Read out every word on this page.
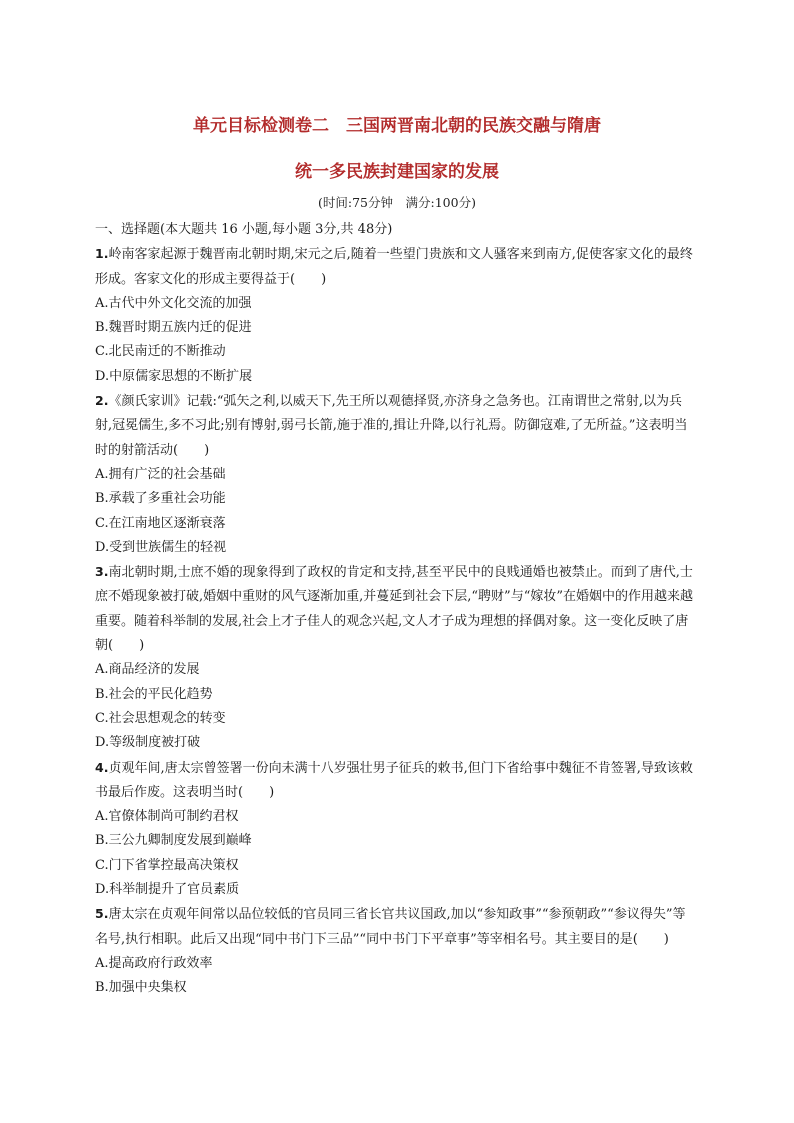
单元目标检测卷二　三国两晋南北朝的民族交融与隋唐
统一多民族封建国家的发展
(时间:75分钟　满分:100分)

一、选择题(本大题共 16 小题,每小题 3分,共 48分)

1.岭南客家起源于魏晋南北朝时期,宋元之后,随着一些望门贵族和文人骚客来到南方,促使客家文化的最终形成。客家文化的形成主要得益于(　　)

A.古代中外文化交流的加强

B.魏晋时期五族内迁的促进

C.北民南迁的不断推动

D.中原儒家思想的不断扩展

2.《颜氏家训》记载:“弧矢之利,以威天下,先王所以观德择贤,亦济身之急务也。江南谓世之常射,以为兵射,冠冕儒生,多不习此;别有博射,弱弓长箭,施于准的,揖让升降,以行礼焉。防御寇难,了无所益。”这表明当时的射箭活动(　　)

A.拥有广泛的社会基础

B.承载了多重社会功能

C.在江南地区逐渐衰落

D.受到世族儒生的轻视

3.南北朝时期,士庶不婚的现象得到了政权的肯定和支持,甚至平民中的良贱通婚也被禁止。而到了唐代,士庶不婚现象被打破,婚姻中重财的风气逐渐加重,并蔓延到社会下层,“聘财”与“嫁妆”在婚姻中的作用越来越重要。随着科举制的发展,社会上才子佳人的观念兴起,文人才子成为理想的择偶对象。这一变化反映了唐朝(　　)

A.商品经济的发展

B.社会的平民化趋势

C.社会思想观念的转变

D.等级制度被打破

4.贞观年间,唐太宗曾签署一份向未满十八岁强壮男子征兵的敕书,但门下省给事中魏征不肯签署,导致该敕书最后作废。这表明当时(　　)

A.官僚体制尚可制约君权

B.三公九卿制度发展到巅峰

C.门下省掌控最高决策权

D.科举制提升了官员素质

5.唐太宗在贞观年间常以品位较低的官员同三省长官共议国政,加以“参知政事”“参预朝政”“参议得失”等名号,执行相职。此后又出现“同中书门下三品”“同中书门下平章事”等宰相名号。其主要目的是(　　)

A.提高政府行政效率

B.加强中央集权
